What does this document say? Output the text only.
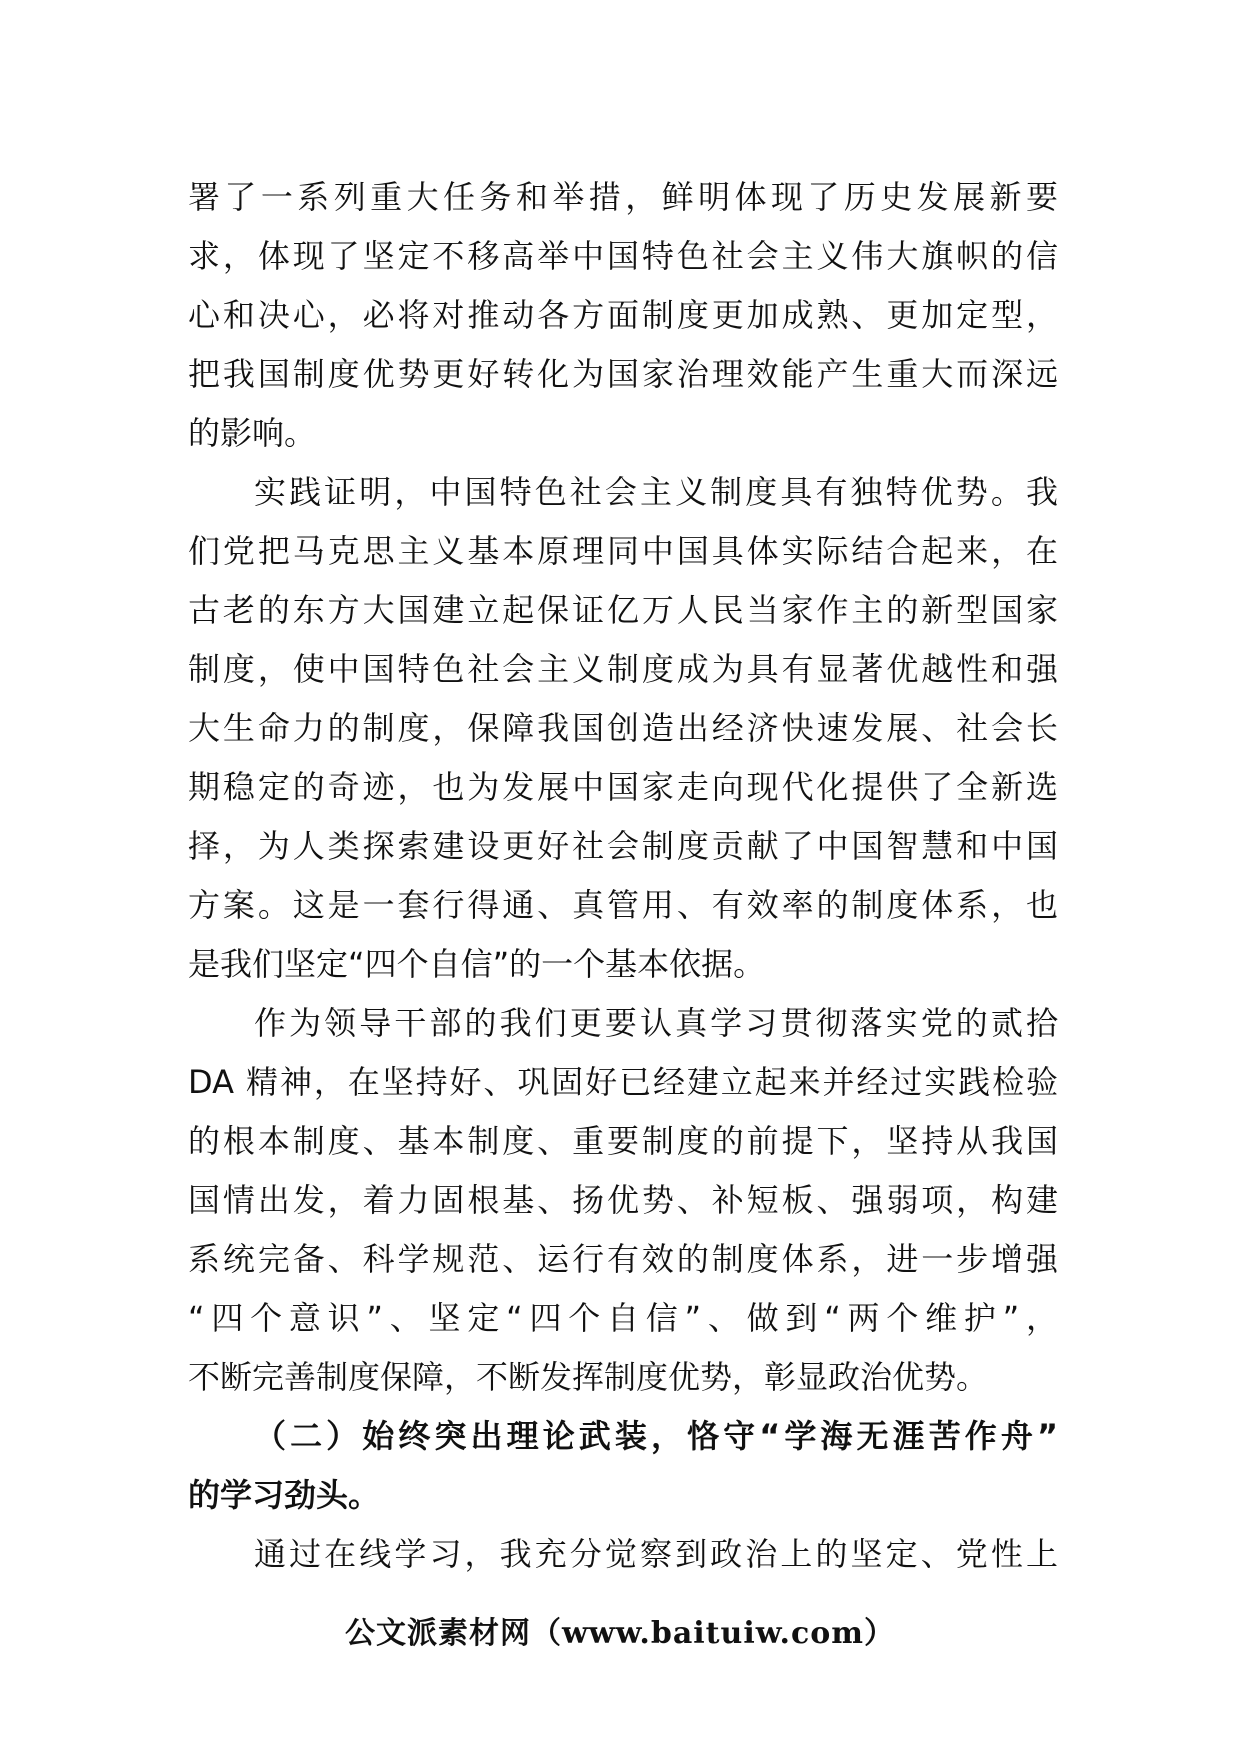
署了一系列重大任务和举措，鲜明体现了历史发展新要
求，体现了坚定不移高举中国特色社会主义伟大旗帜的信
心和决心，必将对推动各方面制度更加成熟、更加定型，
把我国制度优势更好转化为国家治理效能产生重大而深远
的影响。
实践证明，中国特色社会主义制度具有独特优势。我
们党把马克思主义基本原理同中国具体实际结合起来，在
古老的东方大国建立起保证亿万人民当家作主的新型国家
制度，使中国特色社会主义制度成为具有显著优越性和强
大生命力的制度，保障我国创造出经济快速发展、社会长
期稳定的奇迹，也为发展中国家走向现代化提供了全新选
择，为人类探索建设更好社会制度贡献了中国智慧和中国
方案。这是一套行得通、真管用、有效率的制度体系，也
是我们坚定“四个自信”的一个基本依据。
作为领导干部的我们更要认真学习贯彻落实党的贰拾
DA 精神，在坚持好、巩固好已经建立起来并经过实践检验
的根本制度、基本制度、重要制度的前提下，坚持从我国
国情出发，着力固根基、扬优势、补短板、强弱项，构建
系统完备、科学规范、运行有效的制度体系，进一步增强
“四个意识”、坚定“四个自信”、做到“两个维护”，
不断完善制度保障，不断发挥制度优势，彰显政治优势。
（二）始终突出理论武装，恪守“学海无涯苦作舟”
的学习劲头。
通过在线学习，我充分觉察到政治上的坚定、党性上
公文派素材网（www.baituiw.com）
